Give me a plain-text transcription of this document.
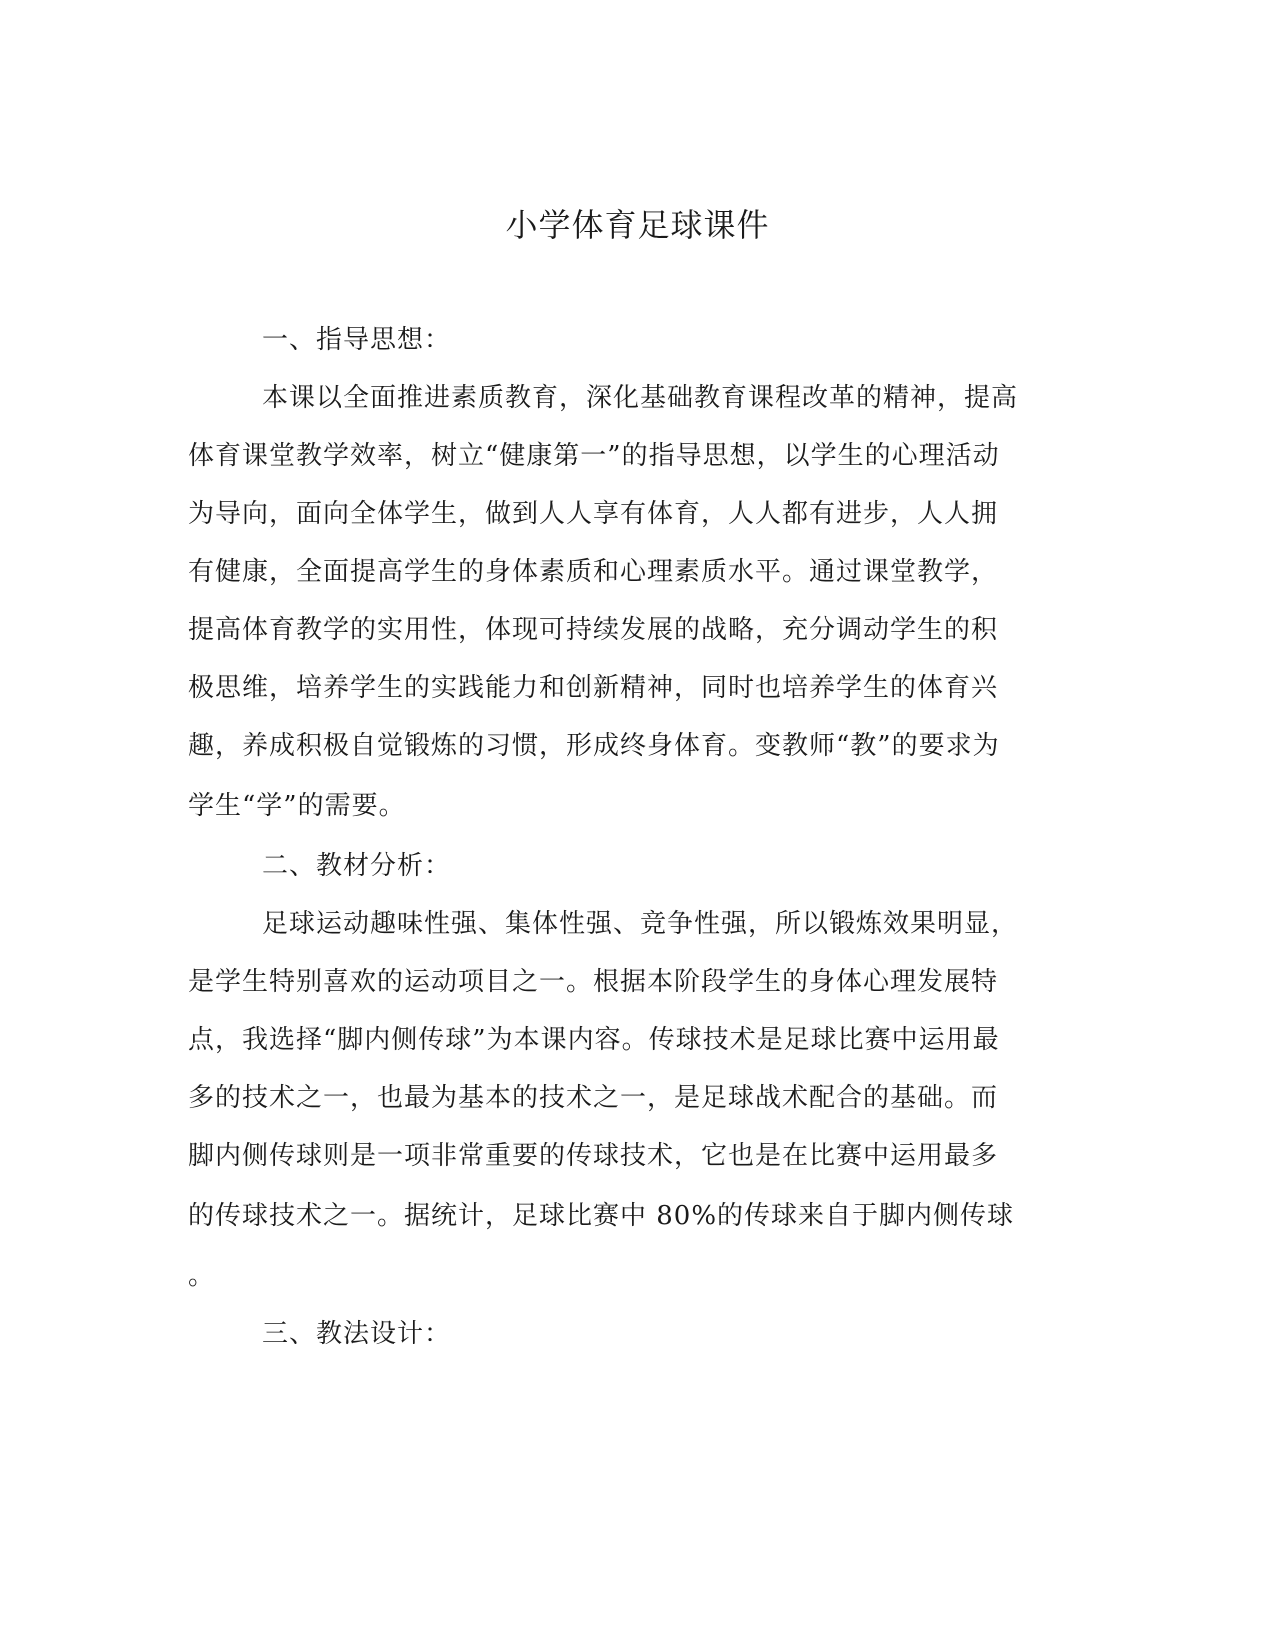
小学体育足球课件
一、指导思想：
本课以全面推进素质教育，深化基础教育课程改革的精神，提高
体育课堂教学效率，树立“健康第一”的指导思想，以学生的心理活动
为导向，面向全体学生，做到人人享有体育，人人都有进步，人人拥
有健康，全面提高学生的身体素质和心理素质水平。通过课堂教学，
提高体育教学的实用性，体现可持续发展的战略，充分调动学生的积
极思维，培养学生的实践能力和创新精神，同时也培养学生的体育兴
趣，养成积极自觉锻炼的习惯，形成终身体育。变教师“教”的要求为
学生“学”的需要。
二、教材分析：
足球运动趣味性强、集体性强、竞争性强，所以锻炼效果明显，
是学生特别喜欢的运动项目之一。根据本阶段学生的身体心理发展特
点，我选择“脚内侧传球”为本课内容。传球技术是足球比赛中运用最
多的技术之一，也最为基本的技术之一，是足球战术配合的基础。而
脚内侧传球则是一项非常重要的传球技术，它也是在比赛中运用最多
的传球技术之一。据统计，足球比赛中 80%的传球来自于脚内侧传球
。
三、教法设计：
